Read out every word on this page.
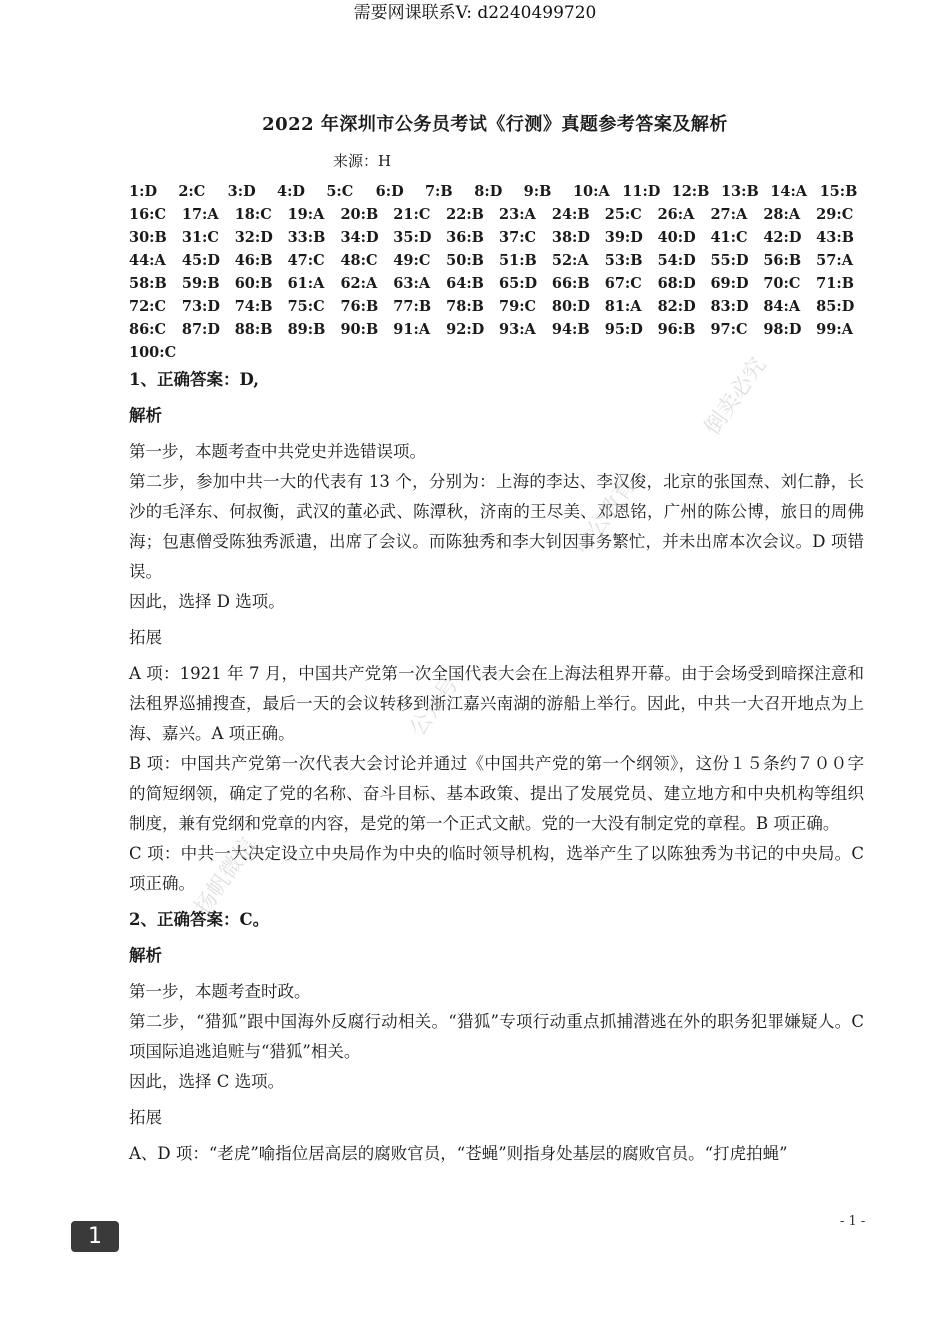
需要网课联系V: d2240499720
2022 年深圳市公务员考试《行测》真题参考答案及解析
来源：H
1:D	2:C	3:D	4:D	5:C	6:D	7:B	8:D	9:B	10:A 11:D 12:B 13:B 14:A 15:B
16:C	17:A	18:C	19:A	20:B	21:C	22:B	23:A	24:B	25:C	26:A	27:A	28:A	29:C
30:B	31:C	32:D	33:B	34:D	35:D	36:B	37:C	38:D	39:D	40:D	41:C	42:D	43:B
44:A	45:D	46:B	47:C	48:C	49:C	50:B	51:B	52:A	53:B	54:D	55:D	56:B	57:A
58:B	59:B	60:B	61:A	62:A	63:A	64:B	65:D	66:B	67:C	68:D	69:D	70:C	71:B
72:C	73:D	74:B	75:C	76:B	77:B	78:B	79:C	80:D	81:A	82:D	83:D	84:A	85:D
86:C	87:D	88:B	89:B	90:B	91:A	92:D	93:A	94:B	95:D	96:B	97:C	98:D	99:A
100:C
1、正确答案：D,
解析

第一步，本题考查中共党史并选错误项。

第二步，参加中共一大的代表有 13 个，分别为：上海的李达、李汉俊，北京的张国焘、刘仁静，长沙的毛泽东、何叔衡，武汉的董必武、陈潭秋，济南的王尽美、邓恩铭，广州的陈公博，旅日的周佛海；包惠僧受陈独秀派遣，出席了会议。而陈独秀和李大钊因事务繁忙，并未出席本次会议。D 项错误。

因此，选择 D 选项。

拓展

A 项：1921 年 7 月，中国共产党第一次全国代表大会在上海法租界开幕。由于会场受到暗探注意和法租界巡捕搜查，最后一天的会议转移到浙江嘉兴南湖的游船上举行。因此，中共一大召开地点为上海、嘉兴。A 项正确。

B 项：中国共产党第一次代表大会讨论并通过《中国共产党的第一个纲领》，这份１５条约７００字的简短纲领，确定了党的名称、奋斗目标、基本政策、提出了发展党员、建立地方和中央机构等组织制度，兼有党纲和党章的内容，是党的第一个正式文献。党的一大没有制定党的章程。B 项正确。

C 项：中共一大决定设立中央局作为中央的临时领导机构，选举产生了以陈独秀为书记的中央局。C 项正确。

2、正确答案：C。
解析

第一步，本题考查时政。

第二步，“猎狐”跟中国海外反腐行动相关。“猎狐”专项行动重点抓捕潜逃在外的职务犯罪嫌疑人。C 项国际追逃追赃与“猎狐”相关。

因此，选择 C 选项。

拓展

A、D 项：“老虎”喻指位居高层的腐败官员，“苍蝇”则指身处基层的腐败官员。“打虎拍蝇”

倒卖必究
中公教育
公众号
扬帆微信
- 1 -
1
